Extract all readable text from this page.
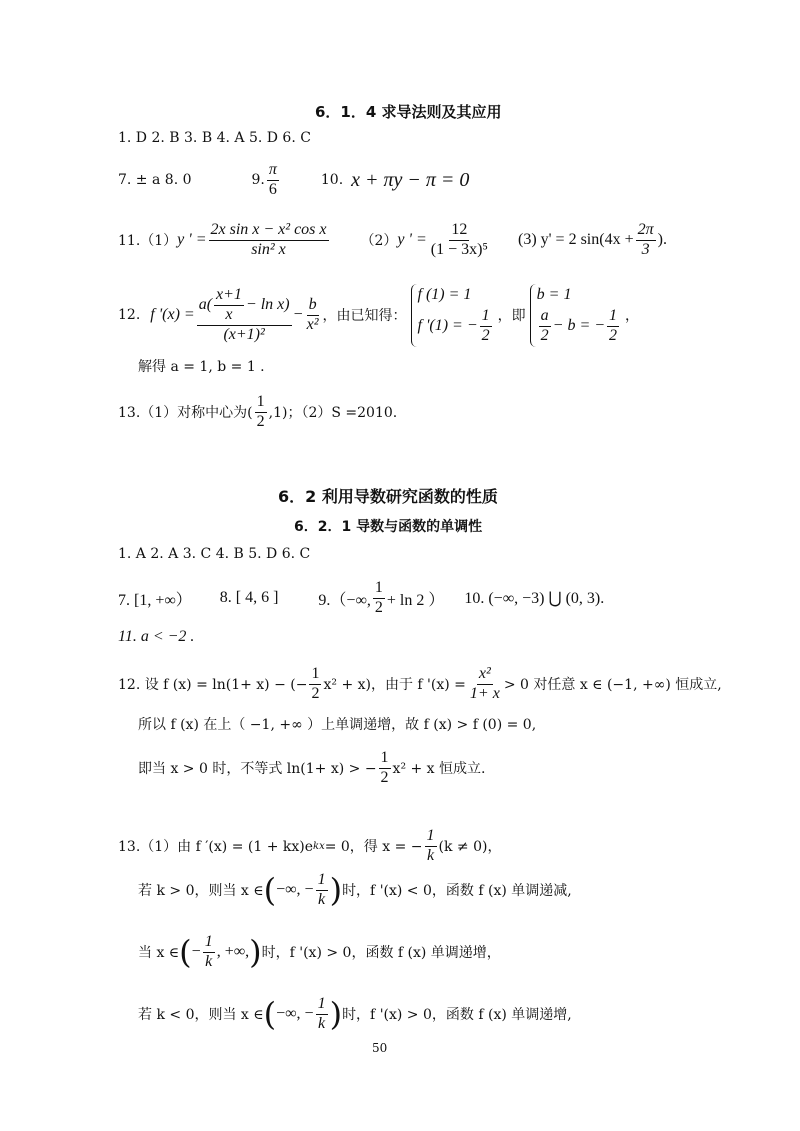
6．1．4 求导法则及其应用
1. D 2. B 3. B 4. A 5. D 6. C
7. ± a 8. 0	9. $\frac{\pi}{6}$	10. x + πy − π = 0
11.（1） y ' = $\frac{\text{2x sin x − x² cos x}}{\text{sin² x}} (2)$ y ' = $\frac{12}{\text{(1 − 3x)⁵}} (3) y' = 2$ $\sin(4x + \frac{2\pi}{3}$ ).
12. f '$(x) = \frac{a( \frac{x+1}{x} - \ln x)}{\text{(x+1)²}} - \frac{b}{\text{x²}}$ ，由已知得：
f (1) = 1
f '(1) = − $\frac{1}{2}$ ，即
b = 1
$\frac{a}{2} - b$ = − $\frac{1}{2}$ ，
解得 a = 1, b = 1 .
13.（1）对称中心为( $\frac{1}{2} ,1$)；（2）S =2010.
6．2 利用导数研究函数的性质
6．2．1 导数与函数的单调性
1. A 2. A 3. C 4. B 5. D 6. C
7. [1, +∞） 8. [ 4, 6 ]	9.（−∞, $\frac{1}{2} + \ln 2$ ） 10. (−∞, −3) ⋃ (0, 3).
11. a < −2 .
12. 设 f (x) = ln(1+ x) − (− $\frac{1}{2} x^2 + x$)，由于 f '$(x) = \frac{\text{x²}}{1+ x} > 0$ 对任意 x ∈ (−1, +∞) 恒成立,
所以 f (x) 在上（ −1, +∞ ）上单调递增，故 f (x) > f (0) = 0,
即当 x > 0 时，不等式 ln(1+ x) > − $\frac{1}{2} x^2 + x$ 恒成立.
13.（1）由 f ′(x) = (1 + kx)e kx = 0，得 x = − $\frac{1}{k} (k \ne 0)$，
若 k > 0，则当 x ∈ ( −∞, − $\frac{1}{k}$ ) 时，f '(x) < 0，函数 f (x) 单调递减,
当 x ∈ ( − $\frac{1}{k}$ , +∞, ) 时，f '(x) > 0，函数 f (x) 单调递增，
若 k < 0，则当 x ∈ ( −∞, − $\frac{1}{k}$ ) 时，f '(x) > 0，函数 f (x) 单调递增,
50
